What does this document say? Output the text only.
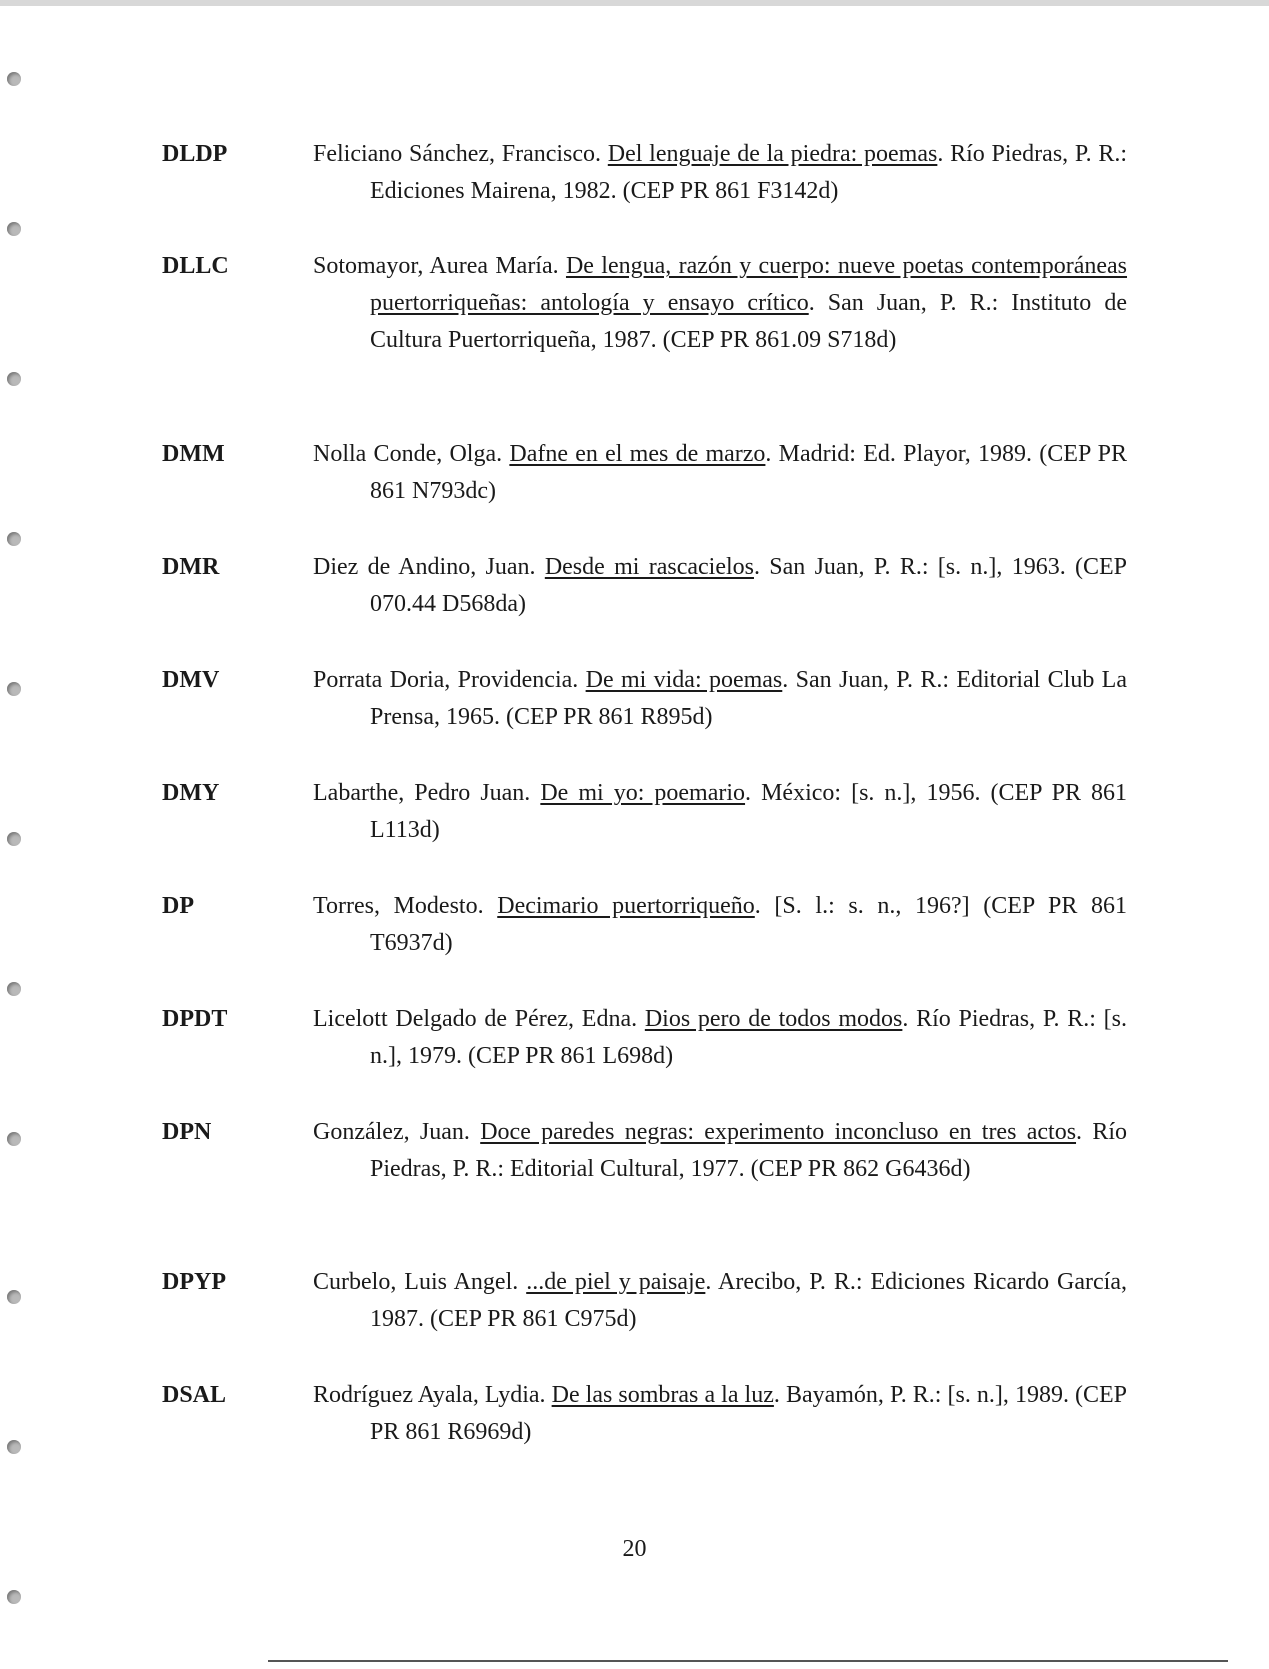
DLDP	Feliciano Sánchez, Francisco. Del lenguaje de la piedra: poemas. Río Piedras, P. R.: Ediciones Mairena, 1982. (CEP PR 861 F3142d)
DLLC	Sotomayor, Aurea María. De lengua, razón y cuerpo: nueve poetas contemporáneas puertorriqueñas: antología y ensayo crítico. San Juan, P. R.: Instituto de Cultura Puertorriqueña, 1987. (CEP PR 861.09 S718d)
DMM	Nolla Conde, Olga. Dafne en el mes de marzo. Madrid: Ed. Playor, 1989. (CEP PR 861 N793dc)
DMR	Diez de Andino, Juan. Desde mi rascacielos. San Juan, P. R.: [s. n.], 1963. (CEP 070.44 D568da)
DMV	Porrata Doria, Providencia. De mi vida: poemas. San Juan, P. R.: Editorial Club La Prensa, 1965. (CEP PR 861 R895d)
DMY	Labarthe, Pedro Juan. De mi yo: poemario. México: [s. n.], 1956. (CEP PR 861 L113d)
DP	Torres, Modesto. Decimario puertorriqueño. [S. l.: s. n., 196?] (CEP PR 861 T6937d)
DPDT	Licelott Delgado de Pérez, Edna. Dios pero de todos modos. Río Piedras, P. R.: [s. n.], 1979. (CEP PR 861 L698d)
DPN	González, Juan. Doce paredes negras: experimento inconcluso en tres actos. Río Piedras, P. R.: Editorial Cultural, 1977. (CEP PR 862 G6436d)
DPYP	Curbelo, Luis Angel. ...de piel y paisaje. Arecibo, P. R.: Ediciones Ricardo García, 1987. (CEP PR 861 C975d)
DSAL	Rodríguez Ayala, Lydia. De las sombras a la luz. Bayamón, P. R.: [s. n.], 1989. (CEP PR 861 R6969d)
20
